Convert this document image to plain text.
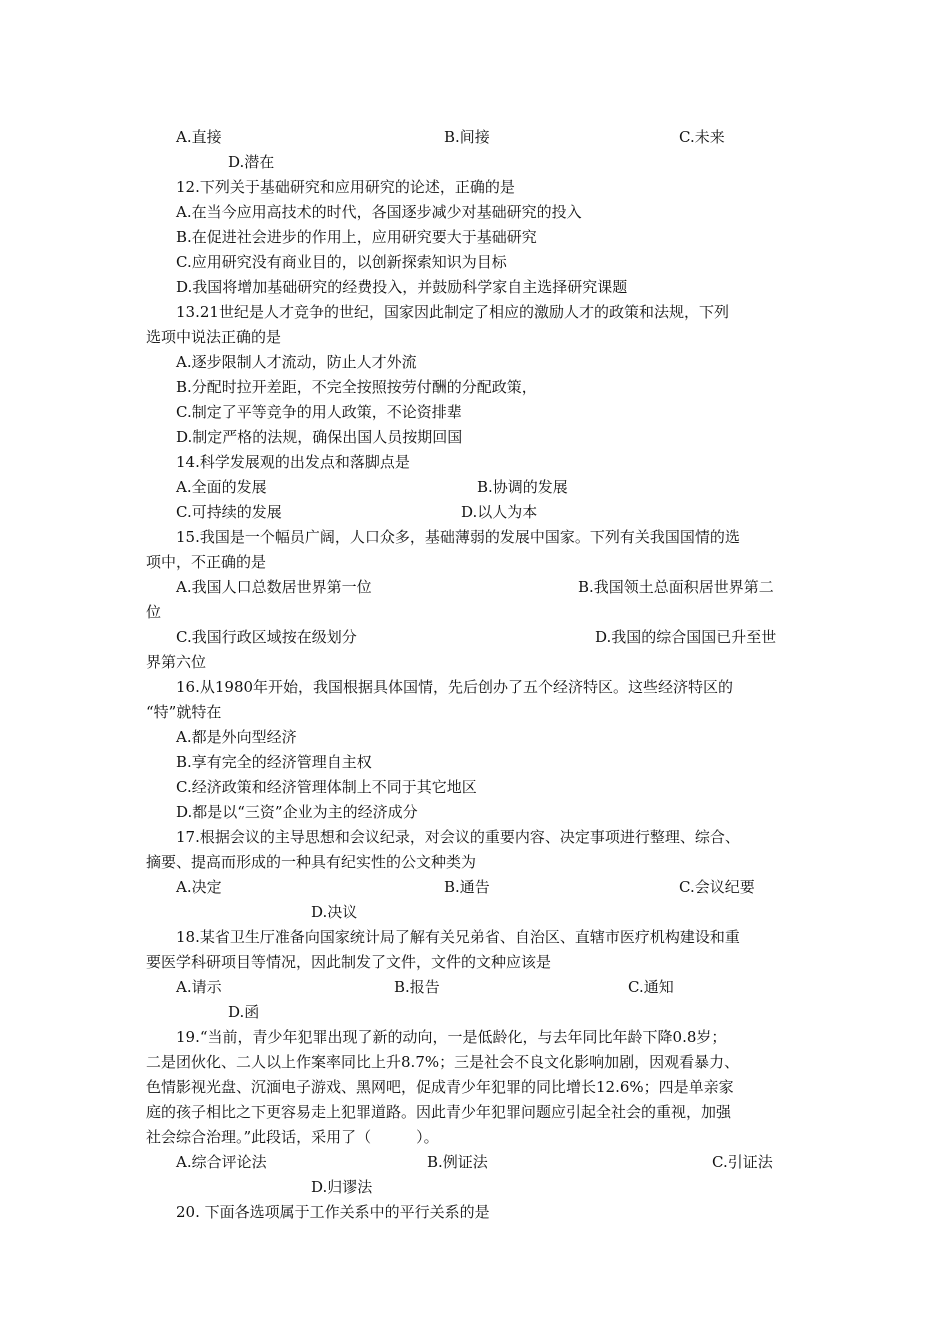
A.直接	B.间接	C.未来
D.潜在
12.下列关于基础研究和应用研究的论述，正确的是
A.在当今应用高技术的时代，各国逐步减少对基础研究的投入
B.在促进社会进步的作用上，应用研究要大于基础研究
C.应用研究没有商业目的，以创新探索知识为目标
D.我国将增加基础研究的经费投入，并鼓励科学家自主选择研究课题
13.21世纪是人才竞争的世纪，国家因此制定了相应的激励人才的政策和法规，下列
选项中说法正确的是
A.逐步限制人才流动，防止人才外流
B.分配时拉开差距，不完全按照按劳付酬的分配政策，
C.制定了平等竞争的用人政策，不论资排辈
D.制定严格的法规，确保出国人员按期回国
14.科学发展观的出发点和落脚点是
A.全面的发展	B.协调的发展
C.可持续的发展	D.以人为本
15.我国是一个幅员广阔，人口众多，基础薄弱的发展中国家。下列有关我国国情的选
项中，不正确的是
A.我国人口总数居世界第一位	B.我国领土总面积居世界第二
位
C.我国行政区域按在级划分	D.我国的综合国国已升至世
界第六位
16.从1980年开始，我国根据具体国情，先后创办了五个经济特区。这些经济特区的
“特”就特在
A.都是外向型经济
B.享有完全的经济管理自主权
C.经济政策和经济管理体制上不同于其它地区
D.都是以“三资”企业为主的经济成分
17.根据会议的主导思想和会议纪录，对会议的重要内容、决定事项进行整理、综合、
摘要、提高而形成的一种具有纪实性的公文种类为
A.决定	B.通告	C.会议纪要
D.决议
18.某省卫生厅准备向国家统计局了解有关兄弟省、自治区、直辖市医疗机构建设和重
要医学科研项目等情况，因此制发了文件，文件的文种应该是
A.请示	B.报告	C.通知
D.函
19.“当前，青少年犯罪出现了新的动向，一是低龄化，与去年同比年龄下降0.8岁；
二是团伙化、二人以上作案率同比上升8.7%；三是社会不良文化影响加剧，因观看暴力、
色情影视光盘、沉湎电子游戏、黑网吧，促成青少年犯罪的同比增长12.6%；四是单亲家
庭的孩子相比之下更容易走上犯罪道路。因此青少年犯罪问题应引起全社会的重视，加强
社会综合治理。”此段话，采用了（　　　）。
A.综合评论法	B.例证法	C.引证法
D.归谬法
20. 下面各选项属于工作关系中的平行关系的是
